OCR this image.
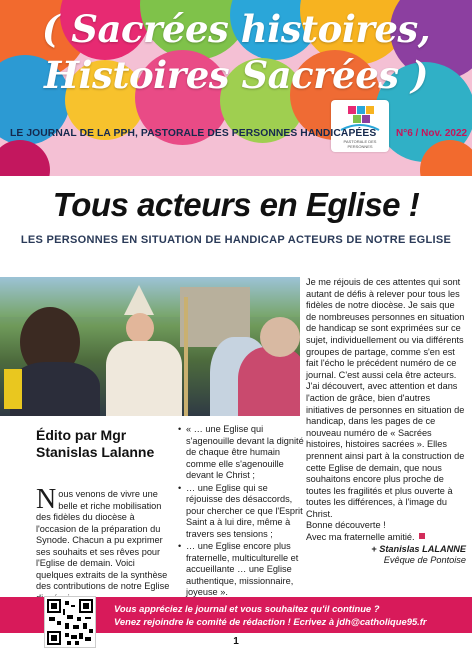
( Sacrées histoires,
Histoires Sacrées )
PASTORALE DES PERSONNES
LE JOURNAL DE LA PPH, PASTORALE DES PERSONNES HANDICAPÉES N°6 / Nov. 2022
Tous acteurs en Eglise !
LES PERSONNES EN SITUATION DE HANDICAP ACTEURS DE NOTRE EGLISE

Je me réjouis de ces attentes qui sont autant de défis à relever pour tous les fidèles de notre diocèse. Je sais que de nombreuses personnes en situation de handicap se sont exprimées sur ce sujet, individuellement ou via différents groupes de partage, comme s'en est fait l'écho le précédent numéro de ce journal. C'est aussi cela être acteurs. J'ai découvert, avec attention et dans l'action de grâce, bien d'autres initiatives de personnes en situation de handicap, dans les pages de ce nouveau numéro de « Sacrées histoires, histoires sacrées ». Elles prennent ainsi part à la construction de cette Eglise de demain, que nous souhaitons encore plus proche de toutes les fragilités et plus ouverte à toutes les différences, à l'image du Christ.

Bonne découverte !

Avec ma fraternelle amitié.

+ Stanislas LALANNE

Evêque de Pontoise

Édito par Mgr Stanislas Lalanne
Nous venons de vivre une belle et riche mobilisation des fidèles du diocèse à l'occasion de la préparation du Synode. Chacun a pu exprimer ses souhaits et ses rêves pour l'Eglise de demain. Voici quelques extraits de la synthèse des contributions de notre Eglise
• « … une Eglise qui s'agenouille devant la dignité de chaque être humain comme elle s'agenouille devant le Christ ;
• … une Eglise qui se réjouisse des désaccords, pour chercher ce que l'Esprit Saint a à lui dire, même à travers ses tensions ;
• … une Eglise encore plus fraternelle, multiculturelle et accueillante … une Eglise authentique, missionnaire, joyeuse ».
Vous appréciez le journal et vous souhaitez qu'il continue ?
Venez rejoindre le comité de rédaction ! Ecrivez à jdh@catholique95.fr
1
